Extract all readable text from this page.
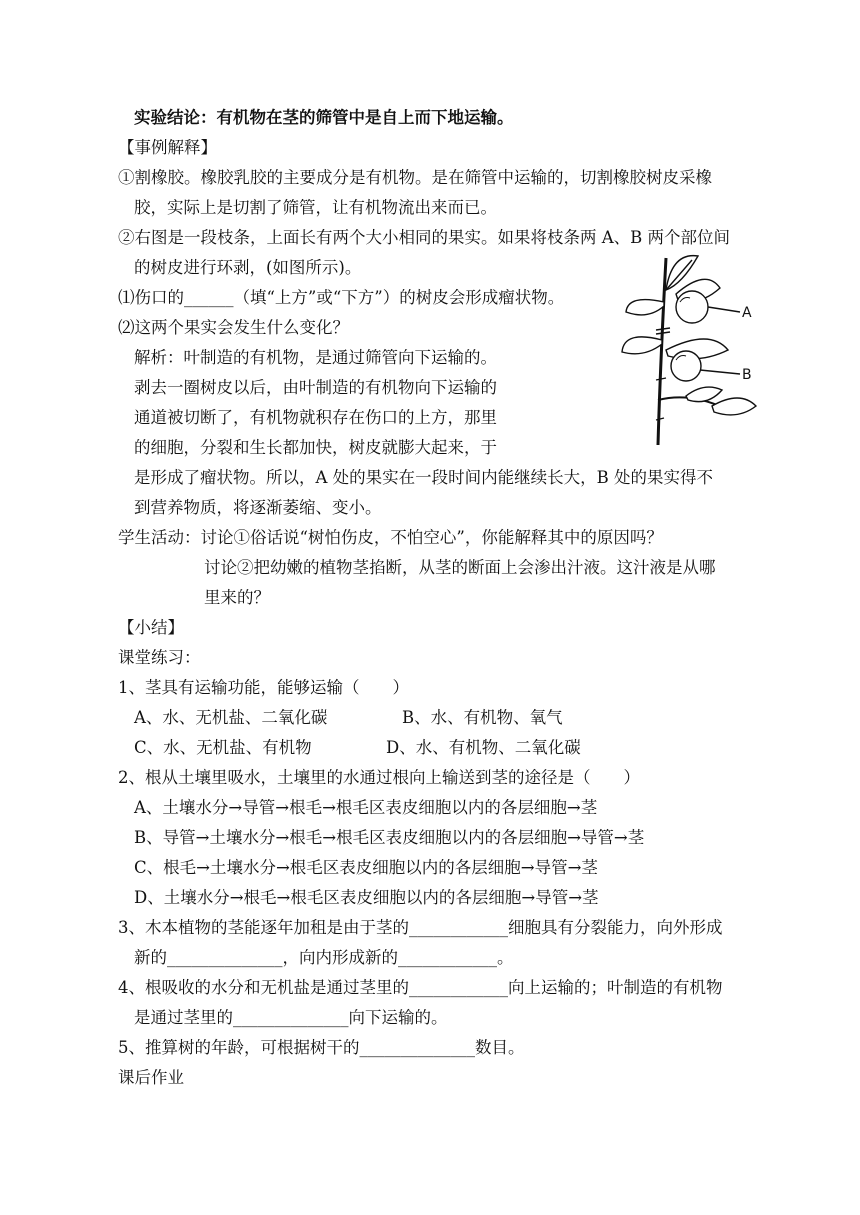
实验结论：有机物在茎的筛管中是自上而下地运输。
【事例解释】
①割橡胶。橡胶乳胶的主要成分是有机物。是在筛管中运输的，切割橡胶树皮采橡
胶，实际上是切割了筛管，让有机物流出来而已。
②右图是一段枝条，上面长有两个大小相同的果实。如果将枝条两 A、B 两个部位间
的树皮进行环剥，(如图所示)。
⑴伤口的______（填“上方”或“下方”）的树皮会形成瘤状物。
⑵这两个果实会发生什么变化？
解析：叶制造的有机物，是通过筛管向下运输的。
剥去一圈树皮以后，由叶制造的有机物向下运输的
通道被切断了，有机物就积存在伤口的上方，那里
的细胞，分裂和生长都加快，树皮就膨大起来，于
是形成了瘤状物。所以，A 处的果实在一段时间内能继续长大，B 处的果实得不
到营养物质，将逐渐萎缩、变小。
学生活动：讨论①俗话说“树怕伤皮，不怕空心”，你能解释其中的原因吗？
讨论②把幼嫩的植物茎掐断，从茎的断面上会渗出汁液。这汁液是从哪
里来的？
【小结】
课堂练习：
1、茎具有运输功能，能够运输（　　）
A、水、无机盐、二氧化碳	B、水、有机物、氧气
C、水、无机盐、有机物	D、水、有机物、二氧化碳
2、根从土壤里吸水，土壤里的水通过根向上输送到茎的途径是（　　）
A、土壤水分→导管→根毛→根毛区表皮细胞以内的各层细胞→茎
B、导管→土壤水分→根毛→根毛区表皮细胞以内的各层细胞→导管→茎
C、根毛→土壤水分→根毛区表皮细胞以内的各层细胞→导管→茎
D、土壤水分→根毛→根毛区表皮细胞以内的各层细胞→导管→茎
3、木本植物的茎能逐年加租是由于茎的____________细胞具有分裂能力，向外形成
新的______________，向内形成新的____________。
4、根吸收的水分和无机盐是通过茎里的____________向上运输的；叶制造的有机物
是通过茎里的______________向下运输的。
5、推算树的年龄，可根据树干的______________数目。
课后作业
A
B
